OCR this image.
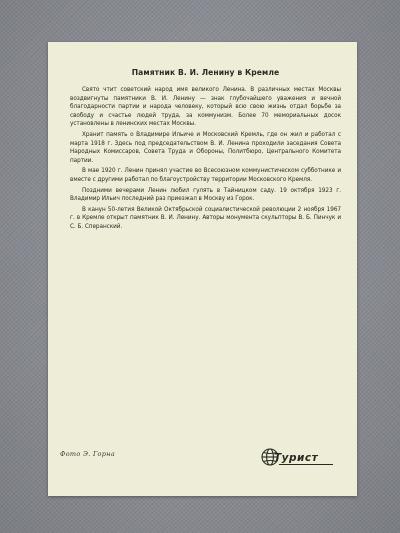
Памятник В. И. Ленину в Кремле

Свято чтит советский народ имя великого Ленина. В различных местах Москвы воздвигнуты памятники В. И. Ленину — знак глубочайшего уважения и вечной благодарности партии и народа человеку, который всю свою жизнь отдал борьбе за свободу и счастье людей труда, за коммунизм. Более 70 мемориальных досок установлены в ленинских местах Москвы.

Хранит память о Владимире Ильиче и Московский Кремль, где он жил и работал с марта 1918 г. Здесь под председательством В. И. Ленина проходили заседания Совета Народных Комиссаров, Совета Труда и Обороны, Политбюро, Центрального Комитета партии.

В мае 1920 г. Ленин принял участие во Всесоюзном коммунистическом субботнике и вместе с другими работал по благоустройству территории Московского Кремля.

Поздними вечерами Ленин любил гулять в Тайницком саду. 19 октября 1923 г. Владимир Ильич последний раз приезжал в Москву из Горок.

В канун 50-летия Великой Октябрьской социалистической революции 2 ноября 1967 г. в Кремле открыт памятник В. И. Ленину. Авторы монумента скульпторы В. Б. Пинчук и С. Б. Сперанский.

Фото Э. Горна	Турист
